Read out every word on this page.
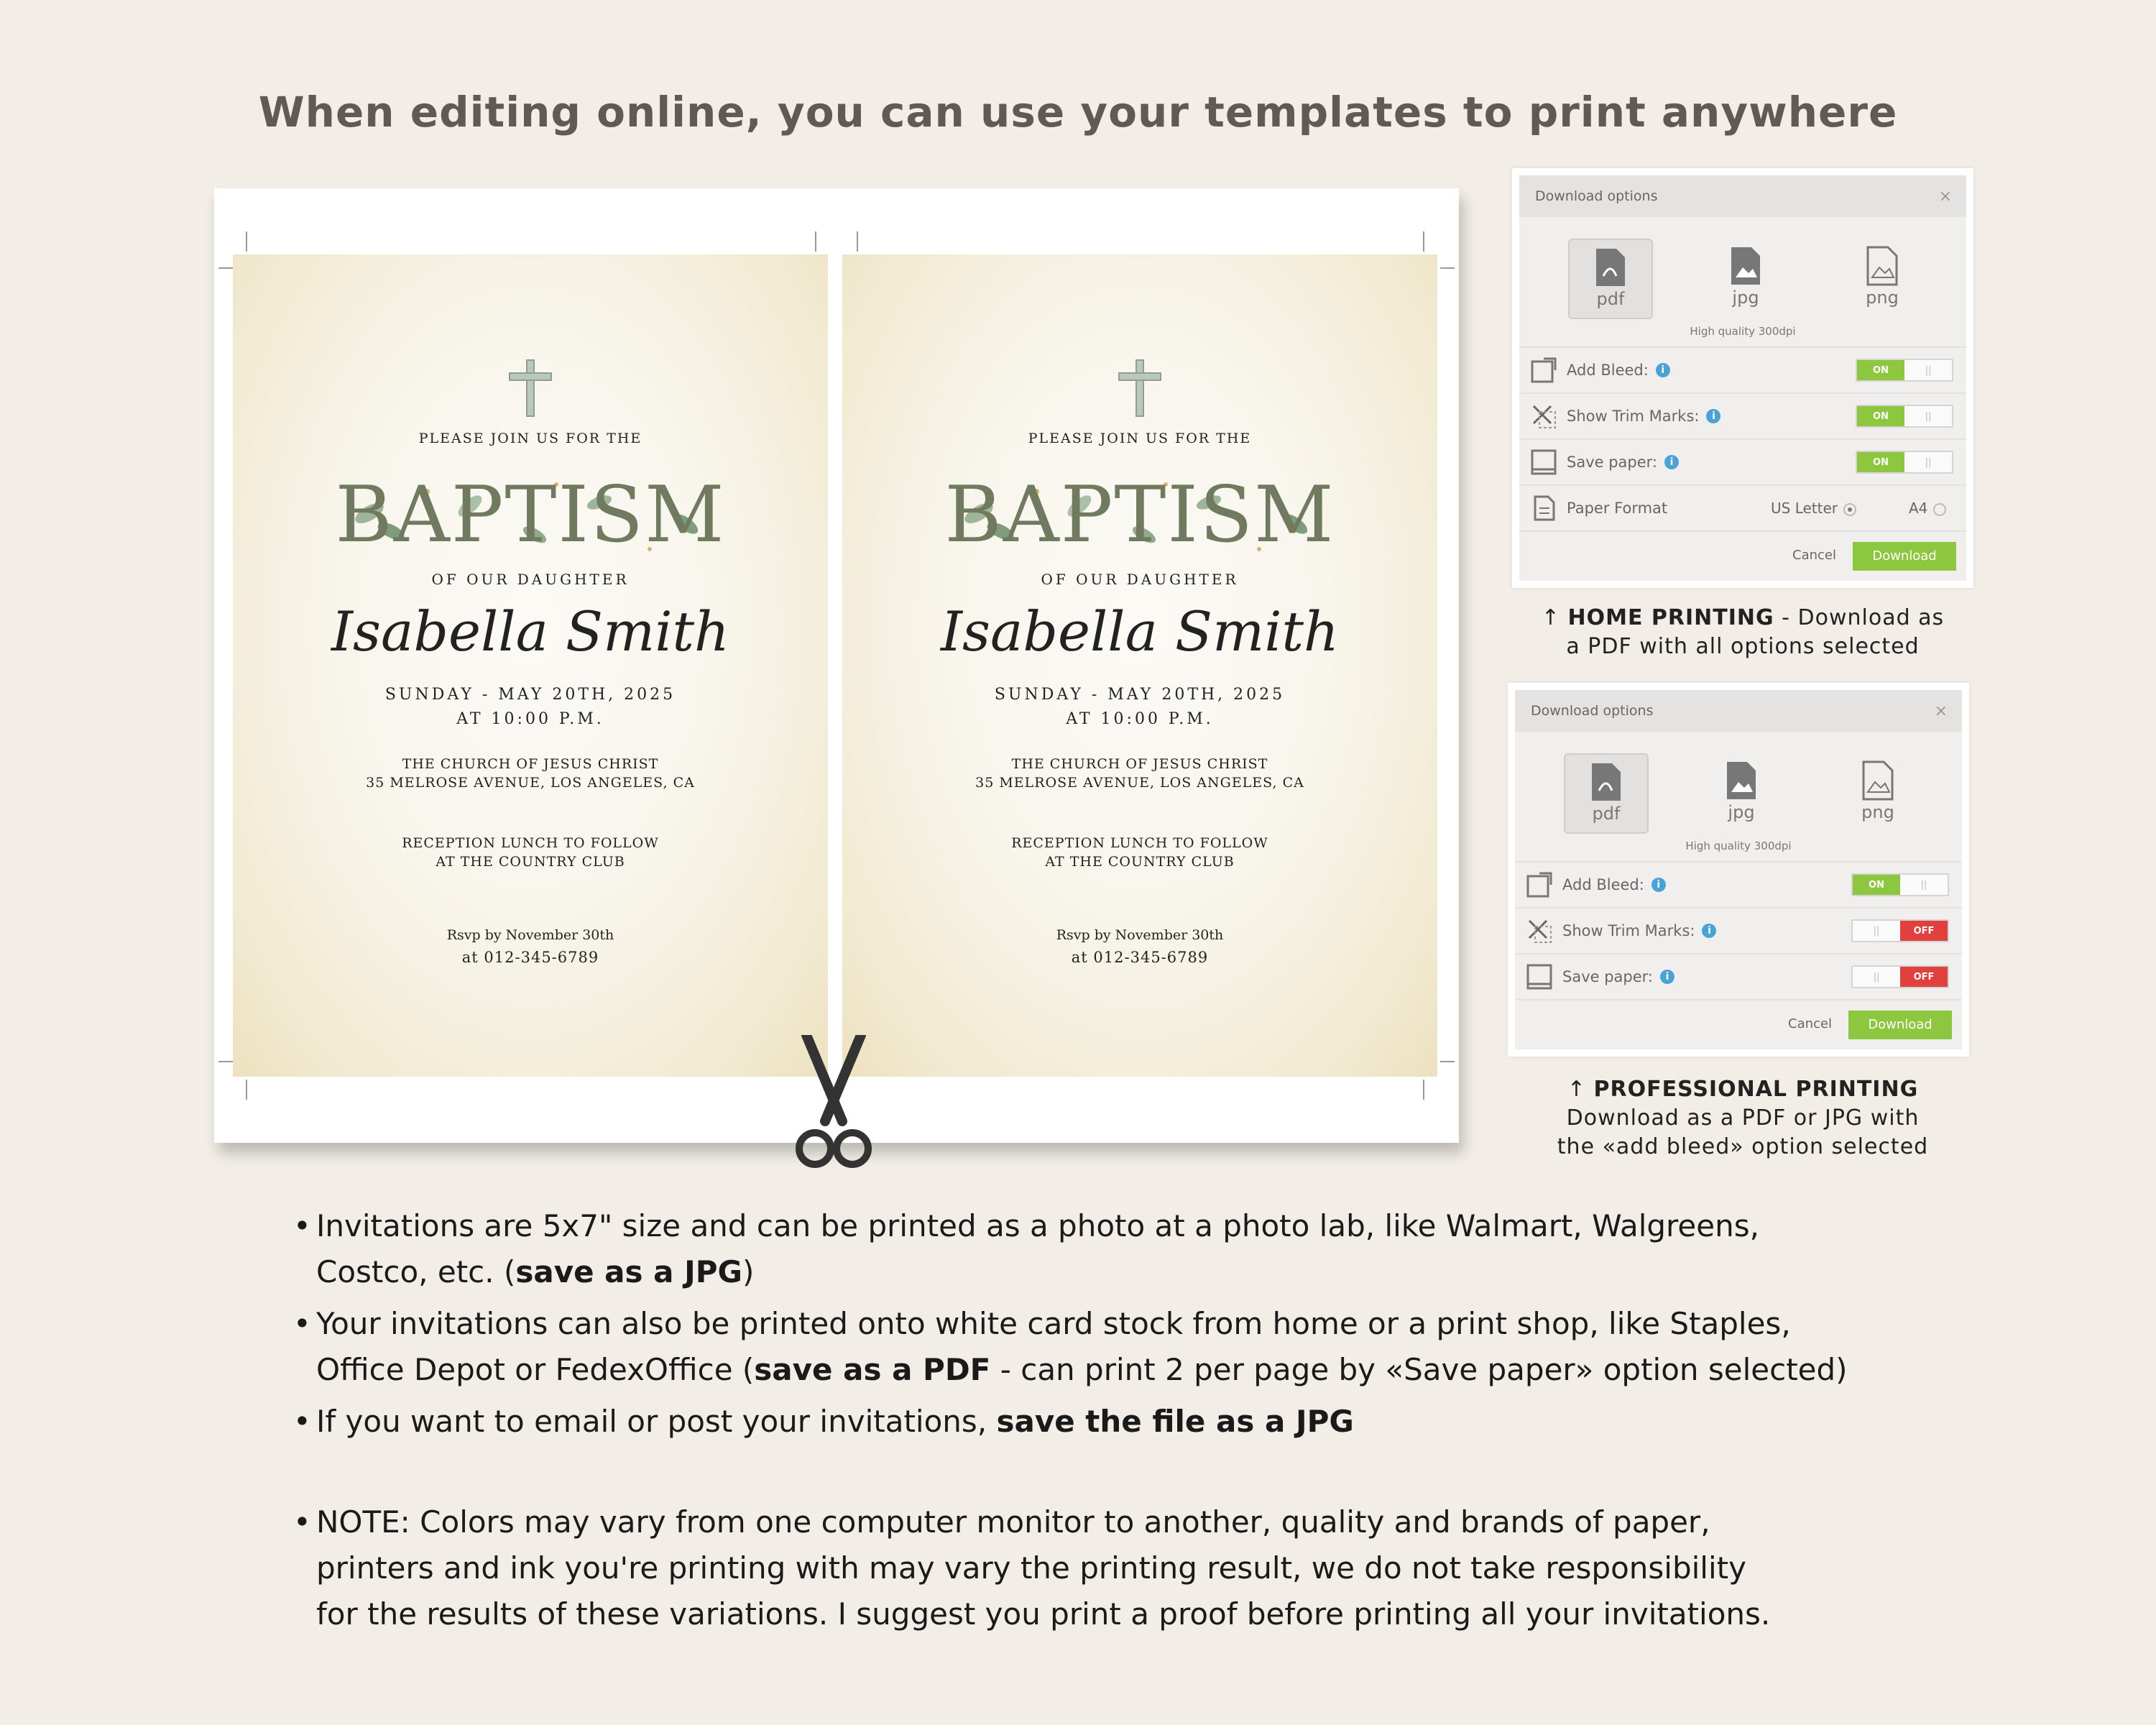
When editing online, you can use your templates to print anywhere
PLEASE JOIN US FOR THE
BAPTISM
OF OUR DAUGHTER
Isabella Smith
SUNDAY - MAY 20TH, 2025
AT 10:00 P.M.
THE CHURCH OF JESUS CHRIST
35 MELROSE AVENUE, LOS ANGELES, CA
RECEPTION LUNCH TO FOLLOW
AT THE COUNTRY CLUB
Rsvp by November 30th
at 012-345-6789
PLEASE JOIN US FOR THE
BAPTISM
OF OUR DAUGHTER
Isabella Smith
SUNDAY - MAY 20TH, 2025
AT 10:00 P.M.
THE CHURCH OF JESUS CHRIST
35 MELROSE AVENUE, LOS ANGELES, CA
RECEPTION LUNCH TO FOLLOW
AT THE COUNTRY CLUB
Rsvp by November 30th
at 012-345-6789
Download options	×
pdf	jpg	png
High quality 300dpi
Add Bleed:	i	ON	||
Show Trim Marks:	i	ON	||
Save paper:	i	ON	||
Paper Format	US Letter	A4
Cancel	Download
↑ HOME PRINTING - Download as
a PDF with all options selected
Download options	×
pdf	jpg	png
High quality 300dpi
Add Bleed:	i	ON	||
Show Trim Marks:	i	||	OFF
Save paper:	i	||	OFF
Cancel	Download
↑ PROFESSIONAL PRINTING
Download as a PDF or JPG with
the «add bleed» option selected
• Invitations are 5x7" size and can be printed as a photo at a photo lab, like Walmart, Walgreens,
Costco, etc. (save as a JPG)
• Your invitations can also be printed onto white card stock from home or a print shop, like Staples,
Office Depot or FedexOffice (save as a PDF - can print 2 per page by «Save paper» option selected)
• If you want to email or post your invitations, save the file as a JPG
• NOTE: Colors may vary from one computer monitor to another, quality and brands of paper,
printers and ink you're printing with may vary the printing result, we do not take responsibility
for the results of these variations. I suggest you print a proof before printing all your invitations.
